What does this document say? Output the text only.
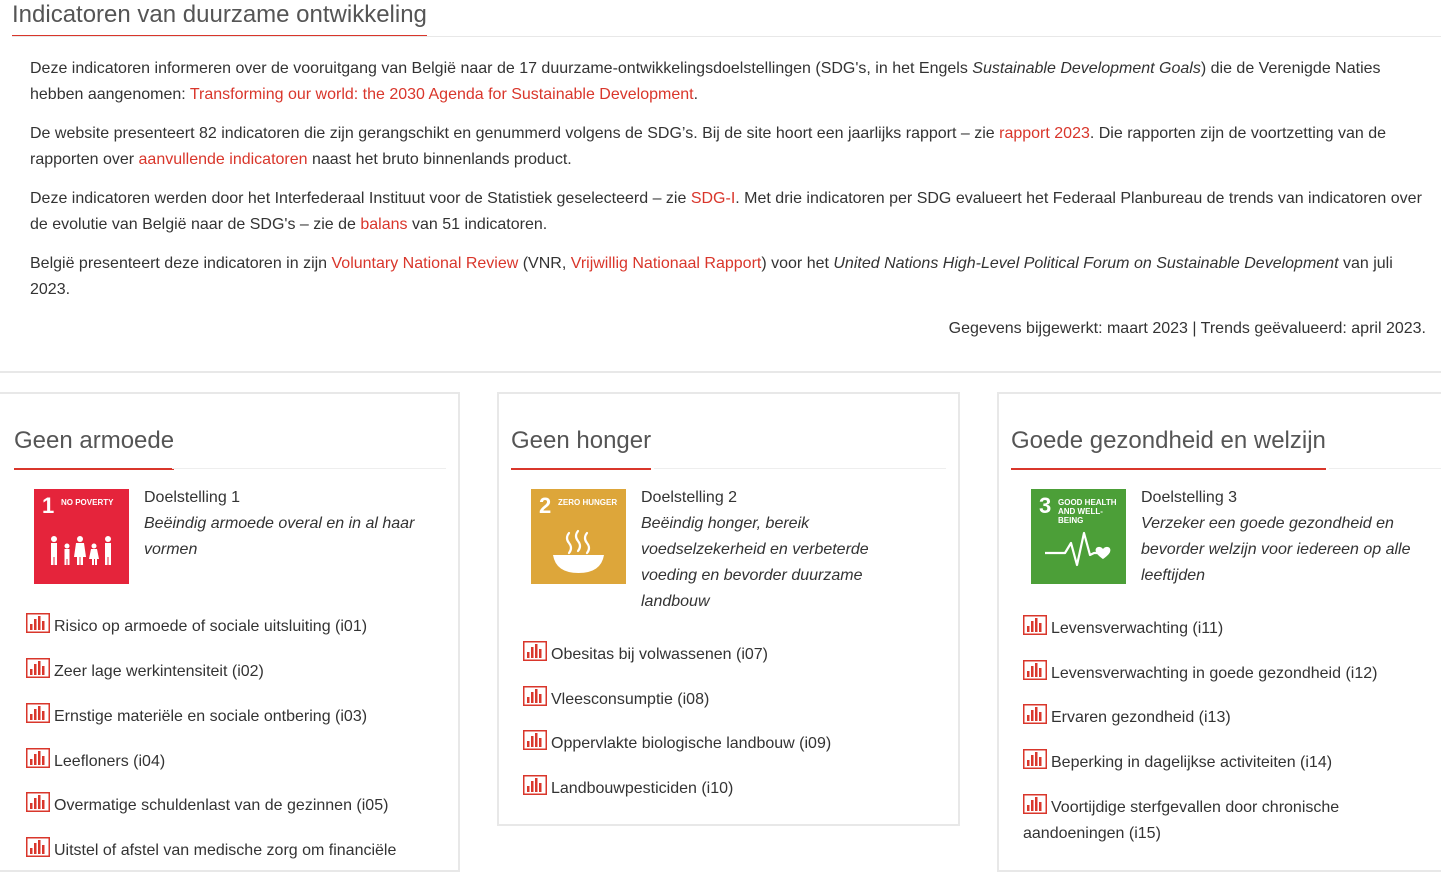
Indicatoren van duurzame ontwikkeling

Deze indicatoren informeren over de vooruitgang van België naar de 17 duurzame-ontwikkelingsdoelstellingen (SDG's, in het Engels Sustainable Development Goals) die de Verenigde Naties hebben aangenomen: Transforming our world: the 2030 Agenda for Sustainable Development.

De website presenteert 82 indicatoren die zijn gerangschikt en genummerd volgens de SDG’s. Bij de site hoort een jaarlijks rapport – zie rapport 2023. Die rapporten zijn de voortzetting van de rapporten over aanvullende indicatoren naast het bruto binnenlands product.

Deze indicatoren werden door het Interfederaal Instituut voor de Statistiek geselecteerd – zie SDG-I. Met drie indicatoren per SDG evalueert het Federaal Planbureau de trends van indicatoren over de evolutie van België naar de SDG's – zie de balans van 51 indicatoren.

België presenteert deze indicatoren in zijn Voluntary National Review (VNR, Vrijwillig Nationaal Rapport) voor het United Nations High-Level Political Forum on Sustainable Development van juli 2023.

Gegevens bijgewerkt: maart 2023 | Trends geëvalueerd: april 2023.

Geen armoede
1 NO POVERTY	Doelstelling 1
Beëindig armoede overal en in al haar vormen
Risico op armoede of sociale uitsluiting (i01)
Zeer lage werkintensiteit (i02)
Ernstige materiële en sociale ontbering (i03)
Leefloners (i04)
Overmatige schuldenlast van de gezinnen (i05)
Uitstel of afstel van medische zorg om financiële
Geen honger
2 ZERO HUNGER Doelstelling 2
Beëindig honger, bereik voedselzekerheid en verbeterde voeding en bevorder duurzame landbouw
Obesitas bij volwassenen (i07)
Vleesconsumptie (i08)
Oppervlakte biologische landbouw (i09)
Landbouwpesticiden (i10)
Goede gezondheid en welzijn
3 GOOD HEALTH AND WELL-BEING
Doelstelling 3
Verzeker een goede gezondheid en bevorder welzijn voor iedereen op alle leeftijden
Levensverwachting (i11)
Levensverwachting in goede gezondheid (i12)
Ervaren gezondheid (i13)
Beperking in dagelijkse activiteiten (i14)
Voortijdige sterfgevallen door chronische aandoeningen (i15)
